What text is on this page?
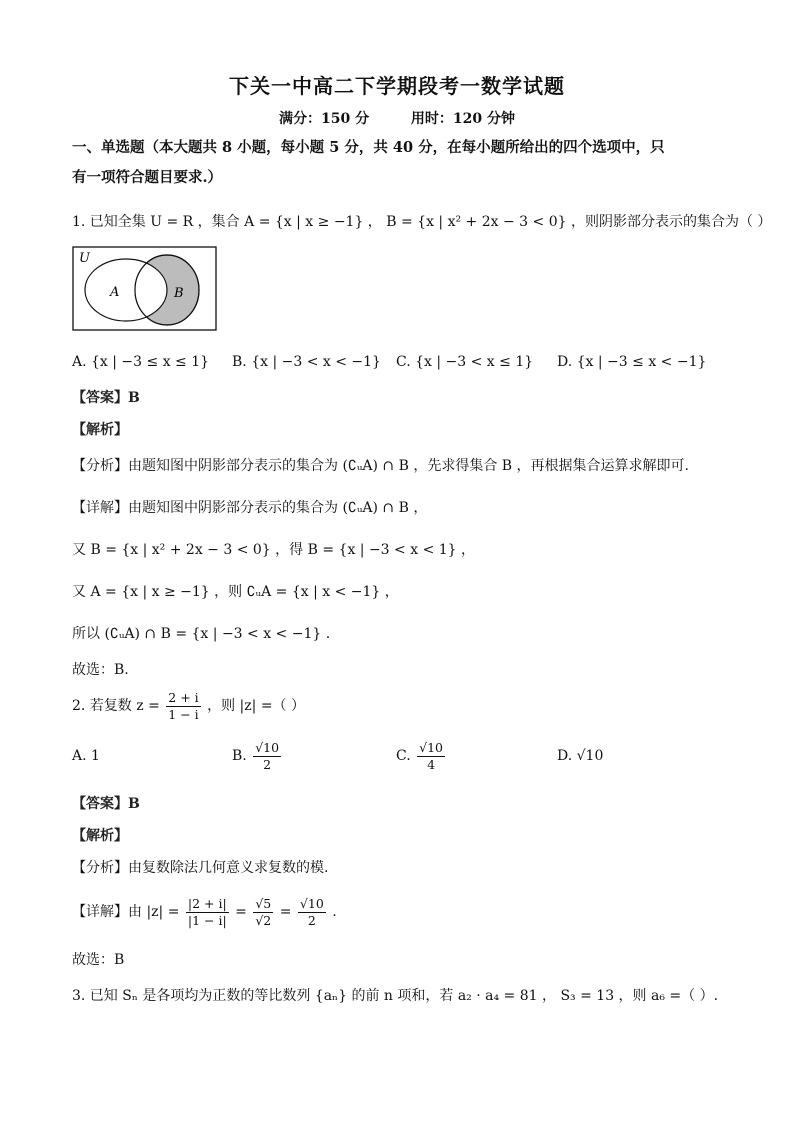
下关一中高二下学期段考一数学试题
满分：150 分	用时：120 分钟
一、单选题（本大题共 8 小题，每小题 5 分，共 40 分，在每小题所给出的四个选项中，只
有一项符合题目要求.）
1. 已知全集 U = R ，集合 A = {x | x ≥ −1} ， B = {x | x² + 2x − 3 < 0} ，则阴影部分表示的集合为（ ）
U
A	B
A. {x | −3 ≤ x ≤ 1} B. {x | −3 < x < −1} C. {x | −3 < x ≤ 1} D. {x | −3 ≤ x < −1}
【答案】B
【解析】
【分析】由题知图中阴影部分表示的集合为 (∁ᵤA) ∩ B ，先求得集合 B ，再根据集合运算求解即可.
【详解】由题知图中阴影部分表示的集合为 (∁ᵤA) ∩ B ，
又 B = {x | x² + 2x − 3 < 0} ，得 B = {x | −3 < x < 1} ，
又 A = {x | x ≥ −1} ，则 ∁ᵤA = {x | x < −1} ，
所以 (∁ᵤA) ∩ B = {x | −3 < x < −1} .
故选：B.
2. 若复数 $z = \frac{2 + i}{1 - i}$ ，则 |z| =（ ）
A. 1	B. $\frac{√10}{2}$	C. $\frac{√10}{4}$	D. √10
【答案】B
【解析】
【分析】由复数除法几何意义求复数的模.
【详解】由 $|z| = \frac{|2 + i|}{|1 - i|} = \frac{√5}{√2} = \frac{√10}{2}$ .
故选：B
3. 已知 Sₙ 是各项均为正数的等比数列 {aₙ} 的前 n 项和，若 a₂ · a₄ = 81 ， S₃ = 13 ，则 a₆ =（ ）.
